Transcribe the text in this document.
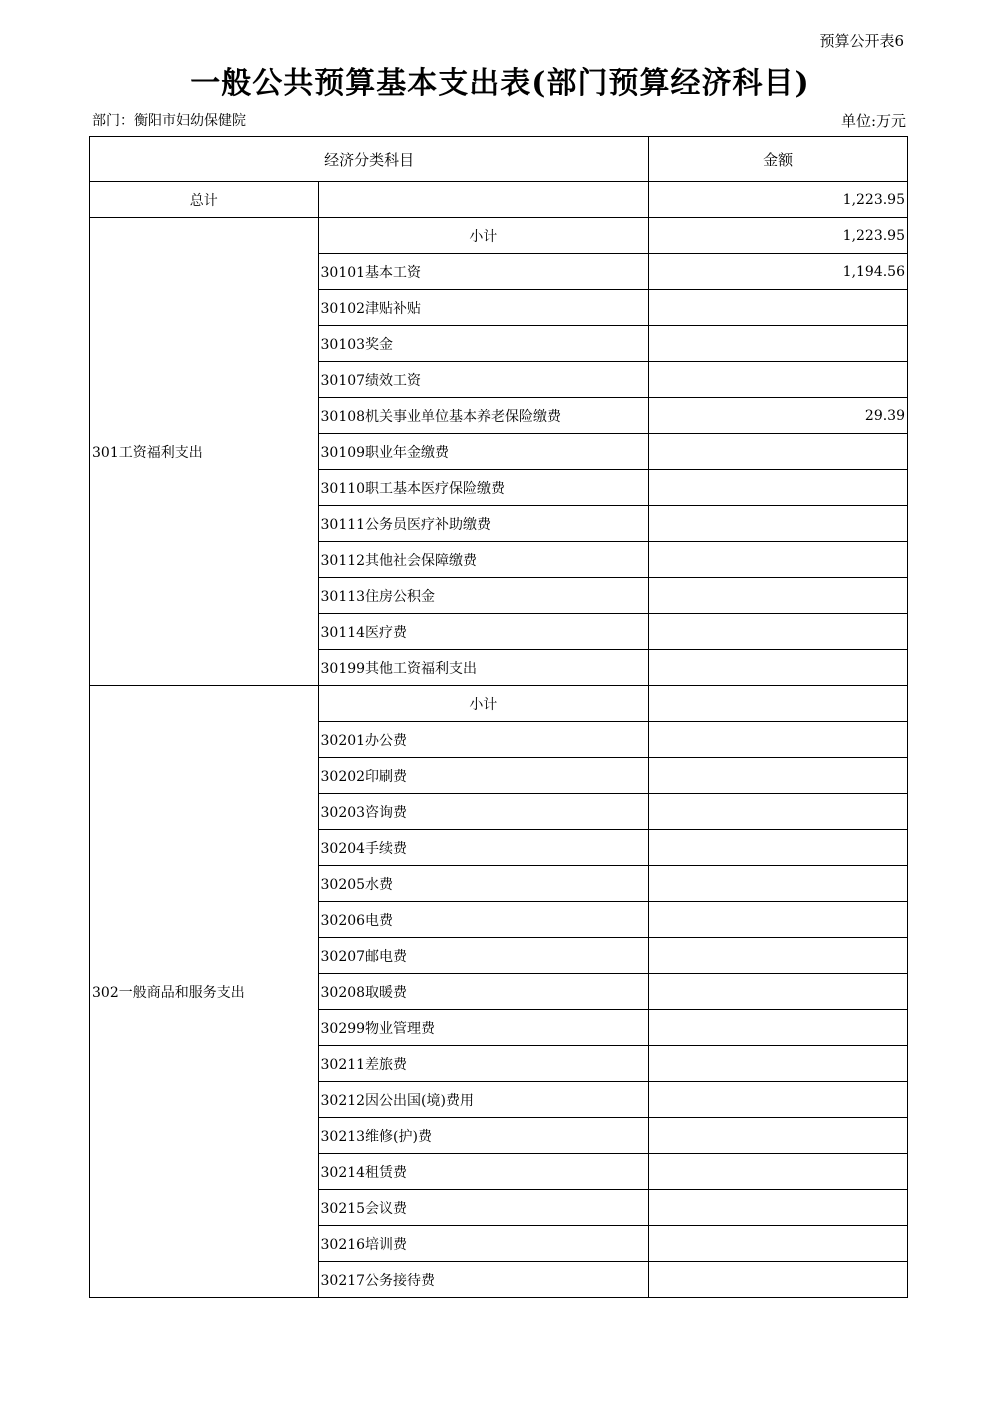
预算公开表6
一般公共预算基本支出表(部门预算经济科目)
部门：衡阳市妇幼保健院	单位:万元
经济分类科目		金额
总计		1,223.95
301工资福利支出	小计	1,223.95
	30101基本工资	1,194.56
	30102津贴补贴	
	30103奖金	
	30107绩效工资	
	30108机关事业单位基本养老保险缴费	29.39
	30109职业年金缴费	
	30110职工基本医疗保险缴费	
	30111公务员医疗补助缴费	
	30112其他社会保障缴费	
	30113住房公积金	
	30114医疗费	
	30199其他工资福利支出	
302一般商品和服务支出	小计	
	30201办公费	
	30202印刷费	
	30203咨询费	
	30204手续费	
	30205水费	
	30206电费	
	30207邮电费	
	30208取暖费	
	30299物业管理费	
	30211差旅费	
	30212因公出国(境)费用	
	30213维修(护)费	
	30214租赁费	
	30215会议费	
	30216培训费	
	30217公务接待费	
